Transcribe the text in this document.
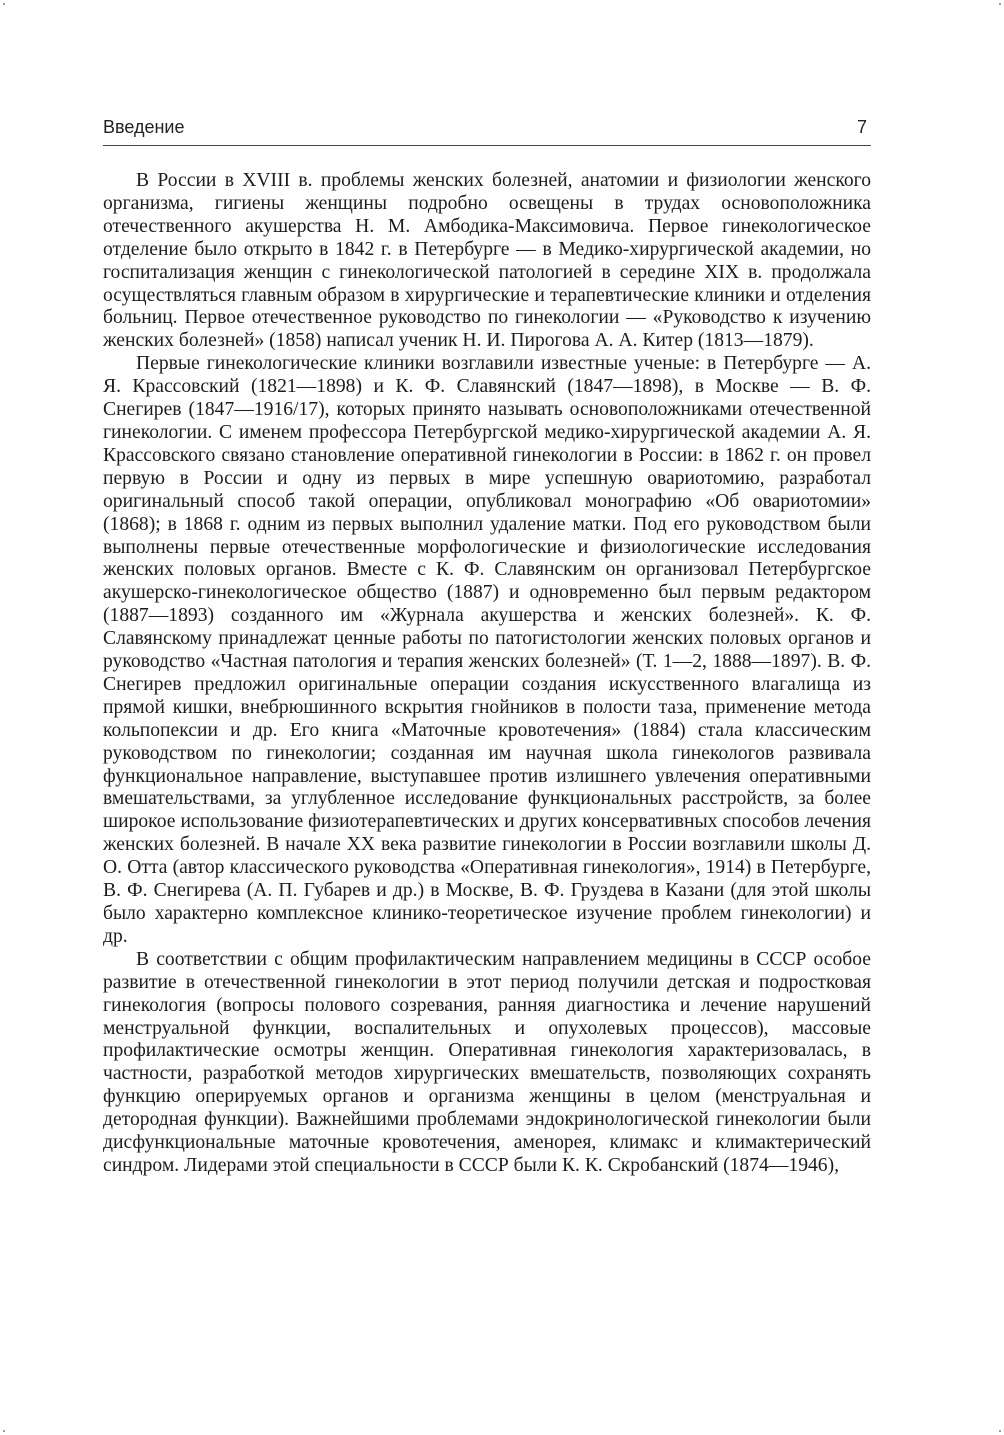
Введение	7

В России в XVIII в. проблемы женских болезней, анатомии и физиологии женского организма, гигиены женщины подробно освещены в трудах основоположника отечественного акушерства Н. М. Амбодика-Максимовича. Первое гинекологическое отделение было открыто в 1842 г. в Петербурге — в Медико-хирургической академии, но госпитализация женщин с гинекологической патологией в середине XIX в. продолжала осуществляться главным образом в хирургические и терапевтические клиники и отделения больниц. Первое отечественное руководство по гинекологии — «Руководство к изучению женских болезней» (1858) написал ученик Н. И. Пирогова А. А. Китер (1813—1879).

Первые гинекологические клиники возглавили известные ученые: в Петербурге — А. Я. Крассовский (1821—1898) и К. Ф. Славянский (1847—1898), в Москве — В. Ф. Снегирев (1847—1916/17), которых принято называть основоположниками отечественной гинекологии. С именем профессора Петербургской медико-хирургической академии А. Я. Крассовского связано становление оперативной гинекологии в России: в 1862 г. он провел первую в России и одну из первых в мире успешную овариотомию, разработал оригинальный способ такой операции, опубликовал монографию «Об овариотомии» (1868); в 1868 г. одним из первых выполнил удаление матки. Под его руководством были выполнены первые отечественные морфологические и физиологические исследования женских половых органов. Вместе с К. Ф. Славянским он организовал Петербургское акушерско-гинекологическое общество (1887) и одновременно был первым редактором (1887—1893) созданного им «Журнала акушерства и женских болезней». К. Ф. Славянскому принадлежат ценные работы по патогистологии женских половых органов и руководство «Частная патология и терапия женских болезней» (Т. 1—2, 1888—1897). В. Ф. Снегирев предложил оригинальные операции создания искусственного влагалища из прямой кишки, внебрюшинного вскрытия гнойников в полости таза, применение метода кольпопексии и др. Его книга «Маточные кровотечения» (1884) стала классическим руководством по гинекологии; созданная им научная школа гинекологов развивала функциональное направление, выступавшее против излишнего увлечения оперативными вмешательствами, за углубленное исследование функциональных расстройств, за более широкое использование физиотерапевтических и других консервативных способов лечения женских болезней. В начале XX века развитие гинекологии в России возглавили школы Д. О. Отта (автор классического руководства «Оперативная гинекология», 1914) в Петербурге, В. Ф. Снегирева (А. П. Губарев и др.) в Москве, В. Ф. Груздева в Казани (для этой школы было характерно комплексное клинико-теоретическое изучение проблем гинекологии) и др.

В соответствии с общим профилактическим направлением медицины в СССР особое развитие в отечественной гинекологии в этот период получили детская и подростковая гинекология (вопросы полового созревания, ранняя диагностика и лечение нарушений менструальной функции, воспалительных и опухолевых процессов), массовые профилактические осмотры женщин. Оперативная гинекология характеризовалась, в частности, разработкой методов хирургических вмешательств, позволяющих сохранять функцию оперируемых органов и организма женщины в целом (менструальная и детородная функции). Важнейшими проблемами эндокринологической гинекологии были дисфункциональные маточные кровотечения, аменорея, климакс и климактерический синдром. Лидерами этой специальности в СССР были К. К. Скробанский (1874—1946),
